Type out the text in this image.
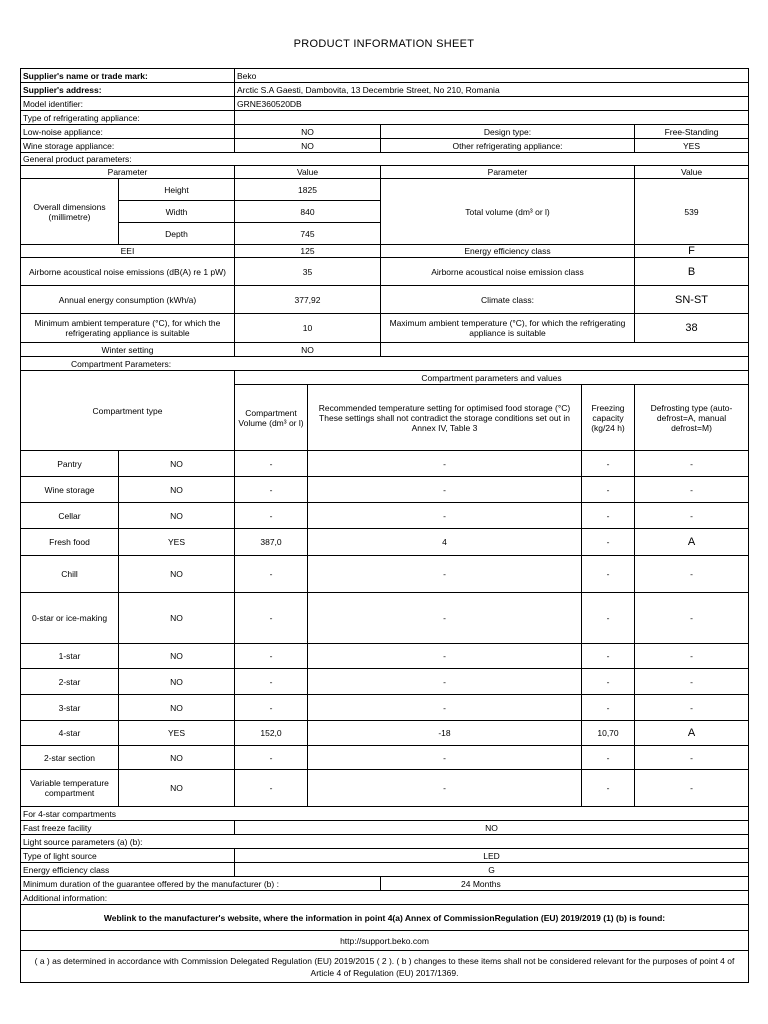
PRODUCT INFORMATION SHEET
Supplier's name or trade mark:		Beko				
Supplier's address:		Arctic S.A Gaesti, Dambovita, 13 Decembrie Street, No 210, Romania				
Model identifier:		GRNE360520DB				
Type of refrigerating appliance:						
Low-noise appliance:		NO		Design type:		Free-Standing
Wine storage appliance:		NO		Other refrigerating appliance:		YES
General product parameters:						
Parameter		Value		Parameter		Value
Overall dimensions (millimetre)	Height	1825		Total volume (dm³ or l)		539
	Width	840				
	Depth	745				
EEI		125		Energy efficiency class		F
Airborne acoustical noise emissions (dB(A) re 1 pW)		35		Airborne acoustical noise emission class		B
Annual energy consumption (kWh/a)		377,92		Climate class:		SN-ST
Minimum ambient temperature (°C), for which the refrigerating appliance is suitable		10		Maximum ambient temperature (°C), for which the refrigerating appliance is suitable		38
Winter setting		NO				
Compartment Parameters:						
Compartment type		Compartment parameters and values				
		Compartment Volume (dm³ or l)	Recommended temperature setting for optimised food storage (°C) These settings shall not contradict the storage conditions set out in Annex IV, Table 3		Freezing capacity (kg/24 h)	Defrosting type (auto-defrost=A, manual defrost=M)
Pantry	NO	-	-		-	-
Wine storage	NO	-	-		-	-
Cellar	NO	-	-		-	-
Fresh food	YES	387,0	4		-	A
Chill	NO	-	-		-	-
0-star or ice-making	NO	-	-		-	-
1-star	NO	-	-		-	-
2-star	NO	-	-		-	-
3-star	NO	-	-		-	-
4-star	YES	152,0	-18		10,70	A
2-star section	NO	-	-		-	-
Variable temperature compartment	NO	-	-		-	-
For 4-star compartments						
Fast freeze facility		NO				
Light source parameters (a) (b):						
Type of light source		LED				
Energy efficiency class		G				
Minimum duration of the guarantee offered by the manufacturer (b) :				24 Months		
Additional information:						
Weblink to the manufacturer's website, where the information in point 4(a) Annex of CommissionRegulation (EU) 2019/2019 (1) (b) is found:						
http://support.beko.com						
( a ) as determined in accordance with Commission Delegated Regulation (EU) 2019/2015 ( 2 ). ( b ) changes to these items shall not be considered relevant for the purposes of point 4 of Article 4 of Regulation (EU) 2017/1369.						
